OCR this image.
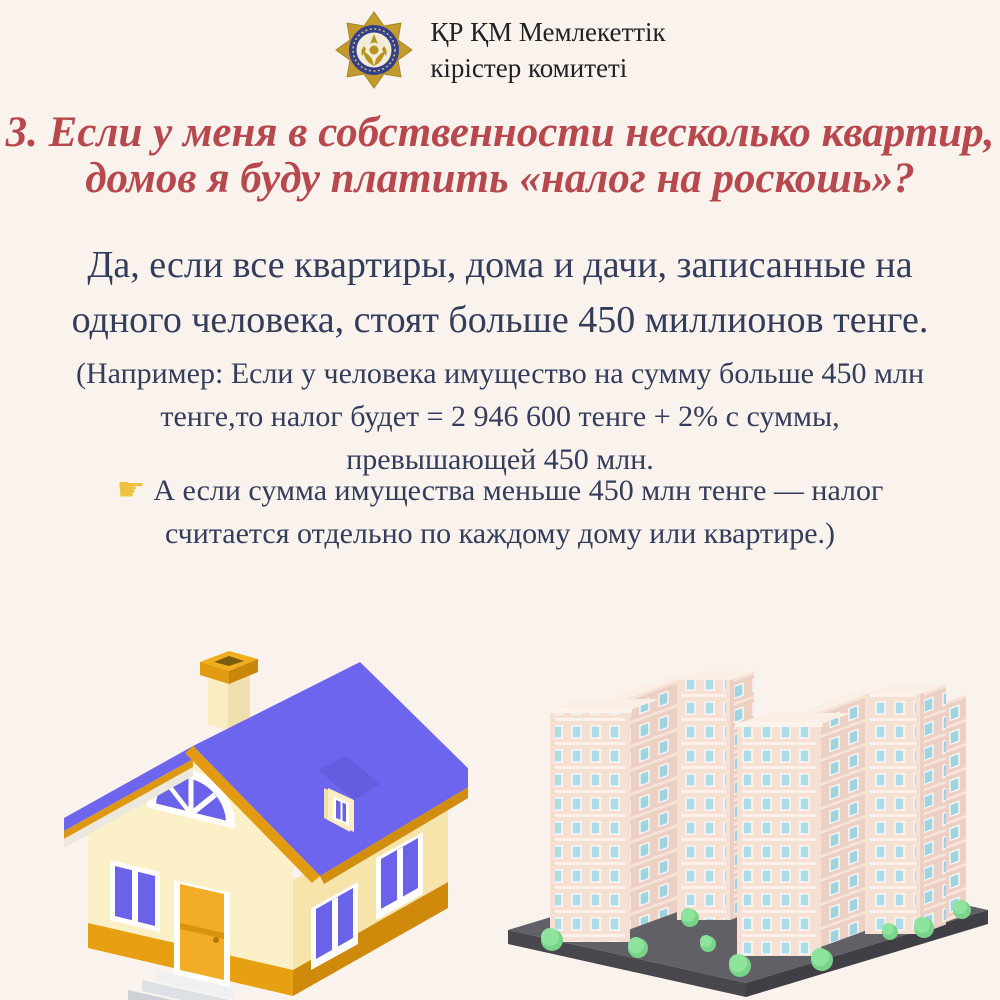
ҚР ҚМ Мемлекеттік
кірістер комитеті
3. Если у меня в собственности несколько квартир,
домов я буду платить «налог на роскошь»?
Да, если все квартиры, дома и дачи, записанные на
одного человека, стоят больше 450 миллионов тенге.
(Например: Если у человека имущество на сумму больше 450 млн
тенге,то налог будет = 2 946 600 тенге + 2% с суммы,
превышающей 450 млн.
☛ А если сумма имущества меньше 450 млн тенге — налог
считается отдельно по каждому дому или квартире.)
